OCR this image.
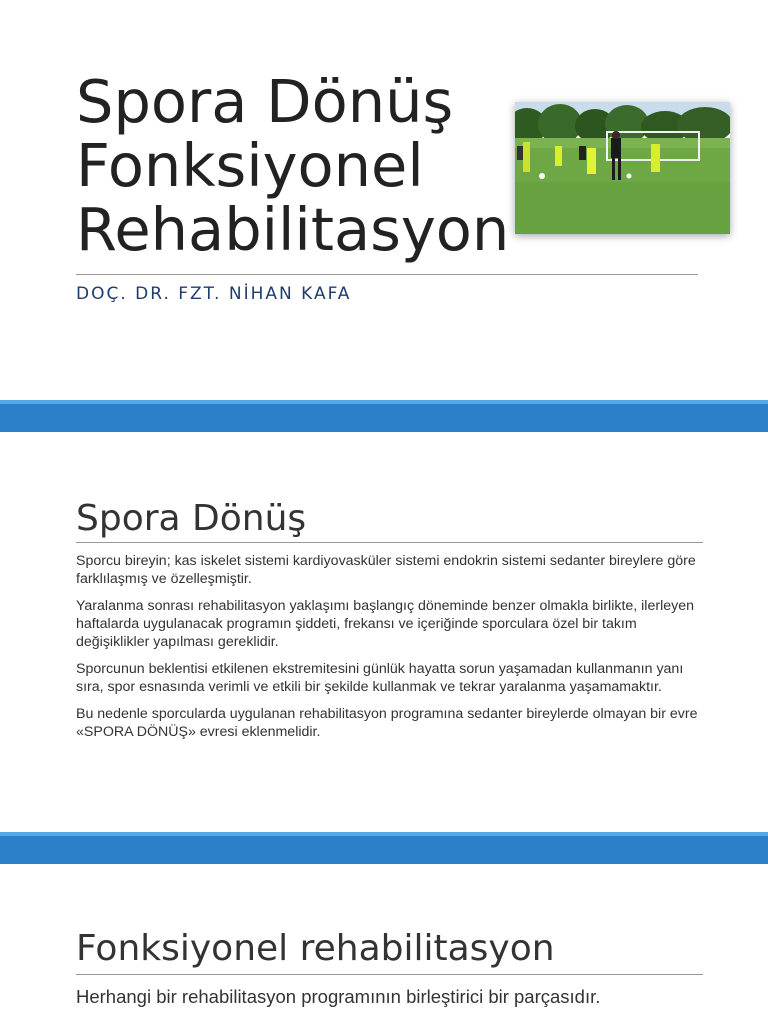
Spora Dönüş
Fonksiyonel
Rehabilitasyon
DOÇ. DR. FZT. NİHAN KAFA
Spora Dönüş

Sporcu bireyin; kas iskelet sistemi kardiyovasküler sistemi endokrin sistemi sedanter bireylere göre farklılaşmış ve özelleşmiştir.

Yaralanma sonrası rehabilitasyon yaklaşımı başlangıç döneminde benzer olmakla birlikte, ilerleyen haftalarda uygulanacak programın şiddeti, frekansı ve içeriğinde sporculara özel bir takım değişiklikler yapılması gereklidir.

Sporcunun beklentisi etkilenen ekstremitesini günlük hayatta sorun yaşamadan kullanmanın yanı sıra, spor esnasında verimli ve etkili bir şekilde kullanmak ve tekrar yaralanma yaşamamaktır.

Bu nedenle sporcularda uygulanan rehabilitasyon programına sedanter bireylerde olmayan bir evre «SPORA DÖNÜŞ» evresi eklenmelidir.

Fonksiyonel rehabilitasyon

Herhangi bir rehabilitasyon programının birleştirici bir parçasıdır.
